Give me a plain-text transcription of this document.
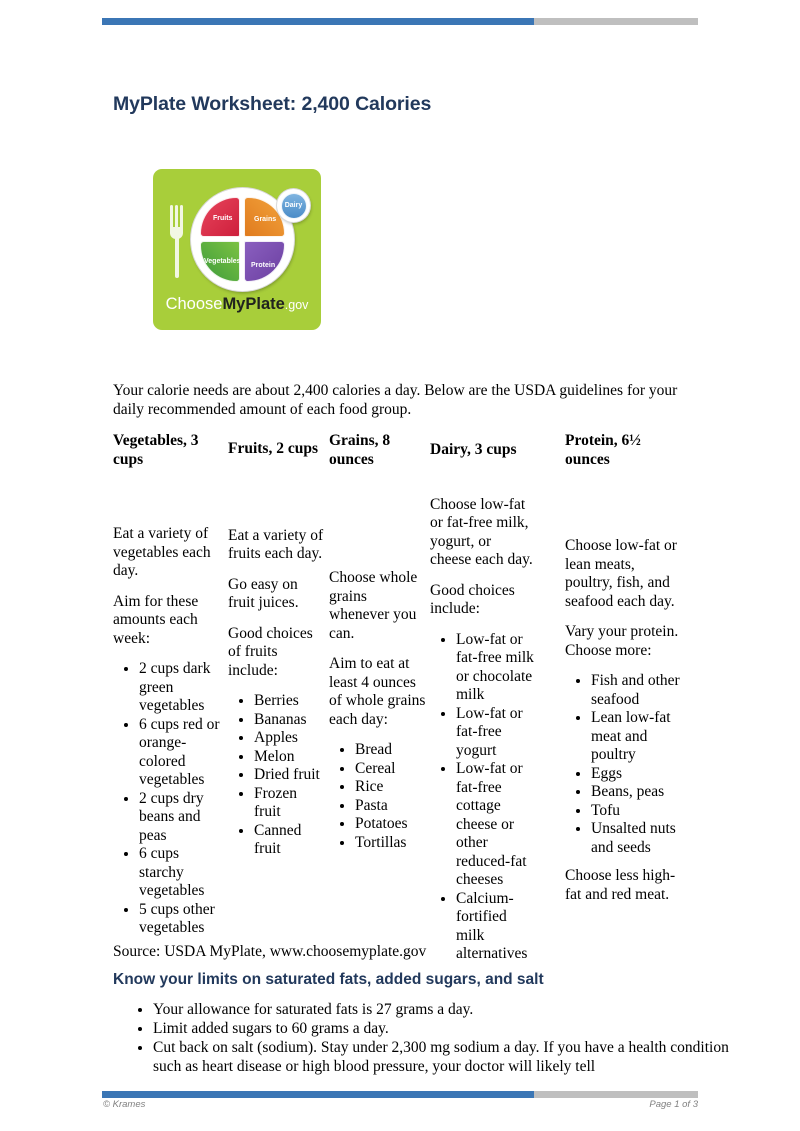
MyPlate Worksheet: 2,400 Calories
Fruits	Grains
Vegetables
Protein
Dairy
ChooseMyPlate.gov
Your calorie needs are about 2,400 calories a day. Below are the USDA guidelines for your daily recommended amount of each food group.
Vegetables, 3 cups

Eat a variety of vegetables each day.

Aim for these amounts each week:

• 2 cups dark green vegetables
• 6 cups red or orange-colored vegetables
• 2 cups dry beans and peas
• 6 cups starchy vegetables
• 5 cups other vegetables
Fruits, 2 cups

Eat a variety of fruits each day.

Go easy on fruit juices.

Good choices of fruits include:

• Berries
• Bananas
• Apples
• Melon
• Dried fruit
• Frozen fruit
• Canned fruit
Grains, 8 ounces

Choose whole grains whenever you can.

Aim to eat at least 4 ounces of whole grains each day:

• Bread
• Cereal
• Rice
• Pasta
• Potatoes
• Tortillas
Dairy, 3 cups

Choose low-fat or fat-free milk, yogurt, or cheese each day.

Good choices include:

• Low-fat or fat-free milk or chocolate milk
• Low-fat or fat-free yogurt
• Low-fat or fat-free cottage cheese or other reduced-fat cheeses
• Calcium-fortified milk alternatives
Protein, 6½ ounces

Choose low-fat or lean meats, poultry, fish, and seafood each day.

Vary your protein. Choose more:

• Fish and other seafood
• Lean low-fat meat and poultry
• Eggs
• Beans, peas
• Tofu
• Unsalted nuts and seeds

Choose less high-fat and red meat.

Source: USDA MyPlate, www.choosemyplate.gov
Know your limits on saturated fats, added sugars, and salt
• Your allowance for saturated fats is 27 grams a day.
• Limit added sugars to 60 grams a day.
• Cut back on salt (sodium). Stay under 2,300 mg sodium a day. If you have a health condition such as heart disease or high blood pressure, your doctor will likely tell
© Krames	Page 1 of 3
